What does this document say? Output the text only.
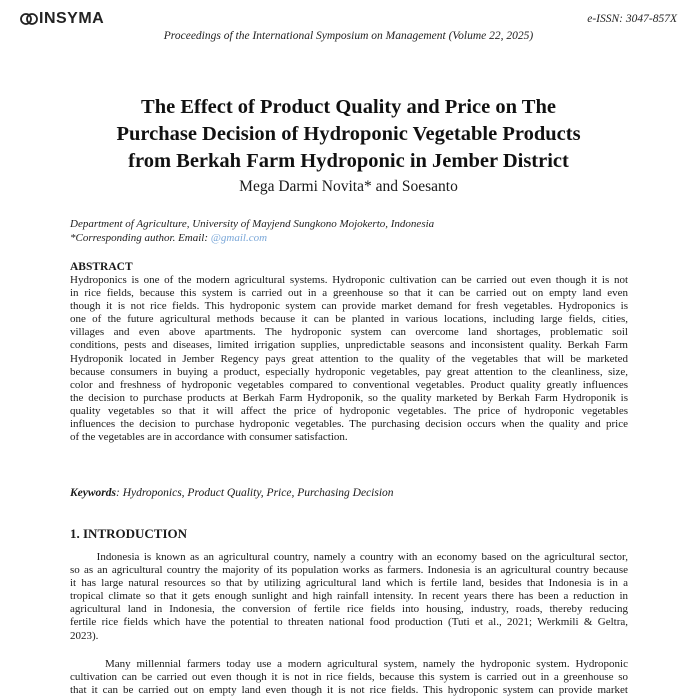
INSYMA	e-ISSN: 3047-857X
Proceedings of the International Symposium on Management (Volume 22, 2025)
The Effect of Product Quality and Price on The
Purchase Decision of Hydroponic Vegetable Products
from Berkah Farm Hydroponic in Jember District
Mega Darmi Novita* and Soesanto
Department of Agriculture, University of Mayjend Sungkono Mojokerto, Indonesia
*Corresponding author. Email: @gmail.com
ABSTRACT
Hydroponics is one of the modern agricultural systems. Hydroponic cultivation can be carried out even though it is not
in rice fields, because this system is carried out in a greenhouse so that it can be carried out on empty land even
though it is not rice fields. This hydroponic system can provide market demand for fresh vegetables. Hydroponics is
one of the future agricultural methods because it can be planted in various locations, including large fields, cities,
villages and even above apartments. The hydroponic system can overcome land shortages, problematic soil
conditions, pests and diseases, limited irrigation supplies, unpredictable seasons and inconsistent quality. Berkah Farm
Hydroponik located in Jember Regency pays great attention to the quality of the vegetables that will be marketed
because consumers in buying a product, especially hydroponic vegetables, pay great attention to the cleanliness, size,
color and freshness of hydroponic vegetables compared to conventional vegetables. Product quality greatly influences
the decision to purchase products at Berkah Farm Hydroponik, so the quality marketed by Berkah Farm Hydroponik is
quality vegetables so that it will affect the price of hydroponic vegetables. The price of hydroponic vegetables
influences the decision to purchase hydroponic vegetables. The purchasing decision occurs when the quality and price
of the vegetables are in accordance with consumer satisfaction.
Keywords: Hydroponics, Product Quality, Price, Purchasing Decision
1. INTRODUCTION
Indonesia is known as an agricultural country, namely a country with an economy based on the agricultural sector,
so as an agricultural country the majority of its population works as farmers. Indonesia is an agricultural country because
it has large natural resources so that by utilizing agricultural land which is fertile land, besides that Indonesia is in a
tropical climate so that it gets enough sunlight and high rainfall intensity. In recent years there has been a reduction in
agricultural land in Indonesia, the conversion of fertile rice fields into housing, industry, roads, thereby reducing
fertile rice fields which have the potential to threaten national food production (Tuti et al., 2021; Werkmili & Geltra,
2023).
Many millennial farmers today use a modern agricultural system, namely the hydroponic system. Hydroponic
cultivation can be carried out even though it is not in rice fields, because this system is carried out in a greenhouse so
that it can be carried out on empty land even though it is not rice fields. This hydroponic system can provide market
